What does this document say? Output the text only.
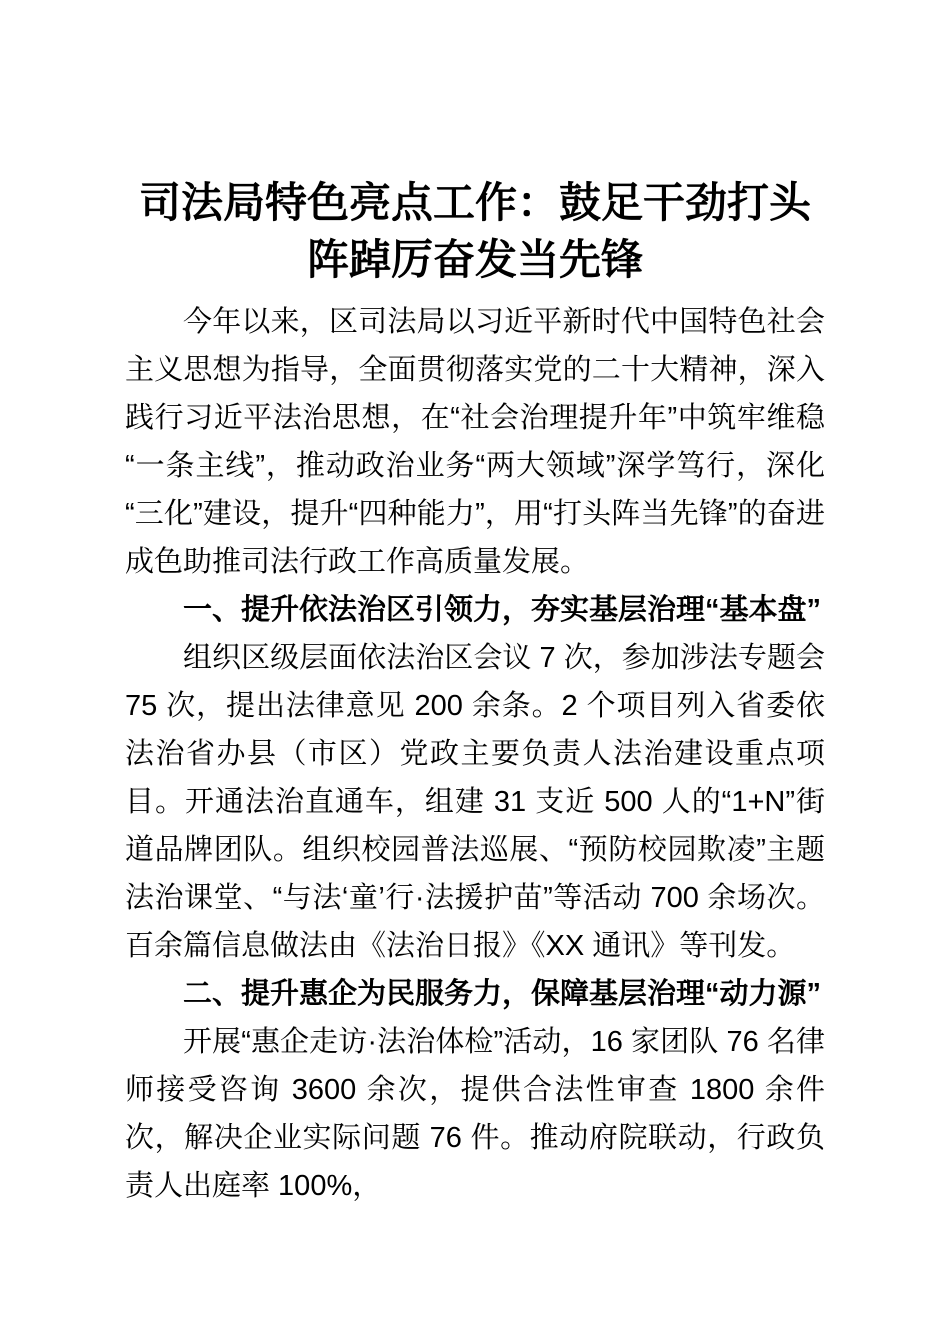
司法局特色亮点工作：鼓足干劲打头阵踔厉奋发当先锋

今年以来，区司法局以习近平新时代中国特色社会主义思想为指导，全面贯彻落实党的二十大精神，深入践行习近平法治思想，在“社会治理提升年”中筑牢维稳“一条主线”，推动政治业务“两大领域”深学笃行，深化“三化”建设，提升“四种能力”，用“打头阵当先锋”的奋进成色助推司法行政工作高质量发展。

一、提升依法治区引领力，夯实基层治理“基本盘”

组织区级层面依法治区会议 7 次，参加涉法专题会 75 次，提出法律意见 200 余条。2 个项目列入省委依法治省办县（市区）党政主要负责人法治建设重点项目。开通法治直通车，组建 31 支近 500 人的“1+N”街道品牌团队。组织校园普法巡展、“预防校园欺凌”主题法治课堂、“与法‘童’行·法援护苗”等活动 700 余场次。百余篇信息做法由《法治日报》《XX 通讯》等刊发。

二、提升惠企为民服务力，保障基层治理“动力源”

开展“惠企走访·法治体检”活动，16 家团队 76 名律师接受咨询 3600 余次，提供合法性审查 1800 余件次，解决企业实际问题 76 件。推动府院联动，行政负责人出庭率 100%，
